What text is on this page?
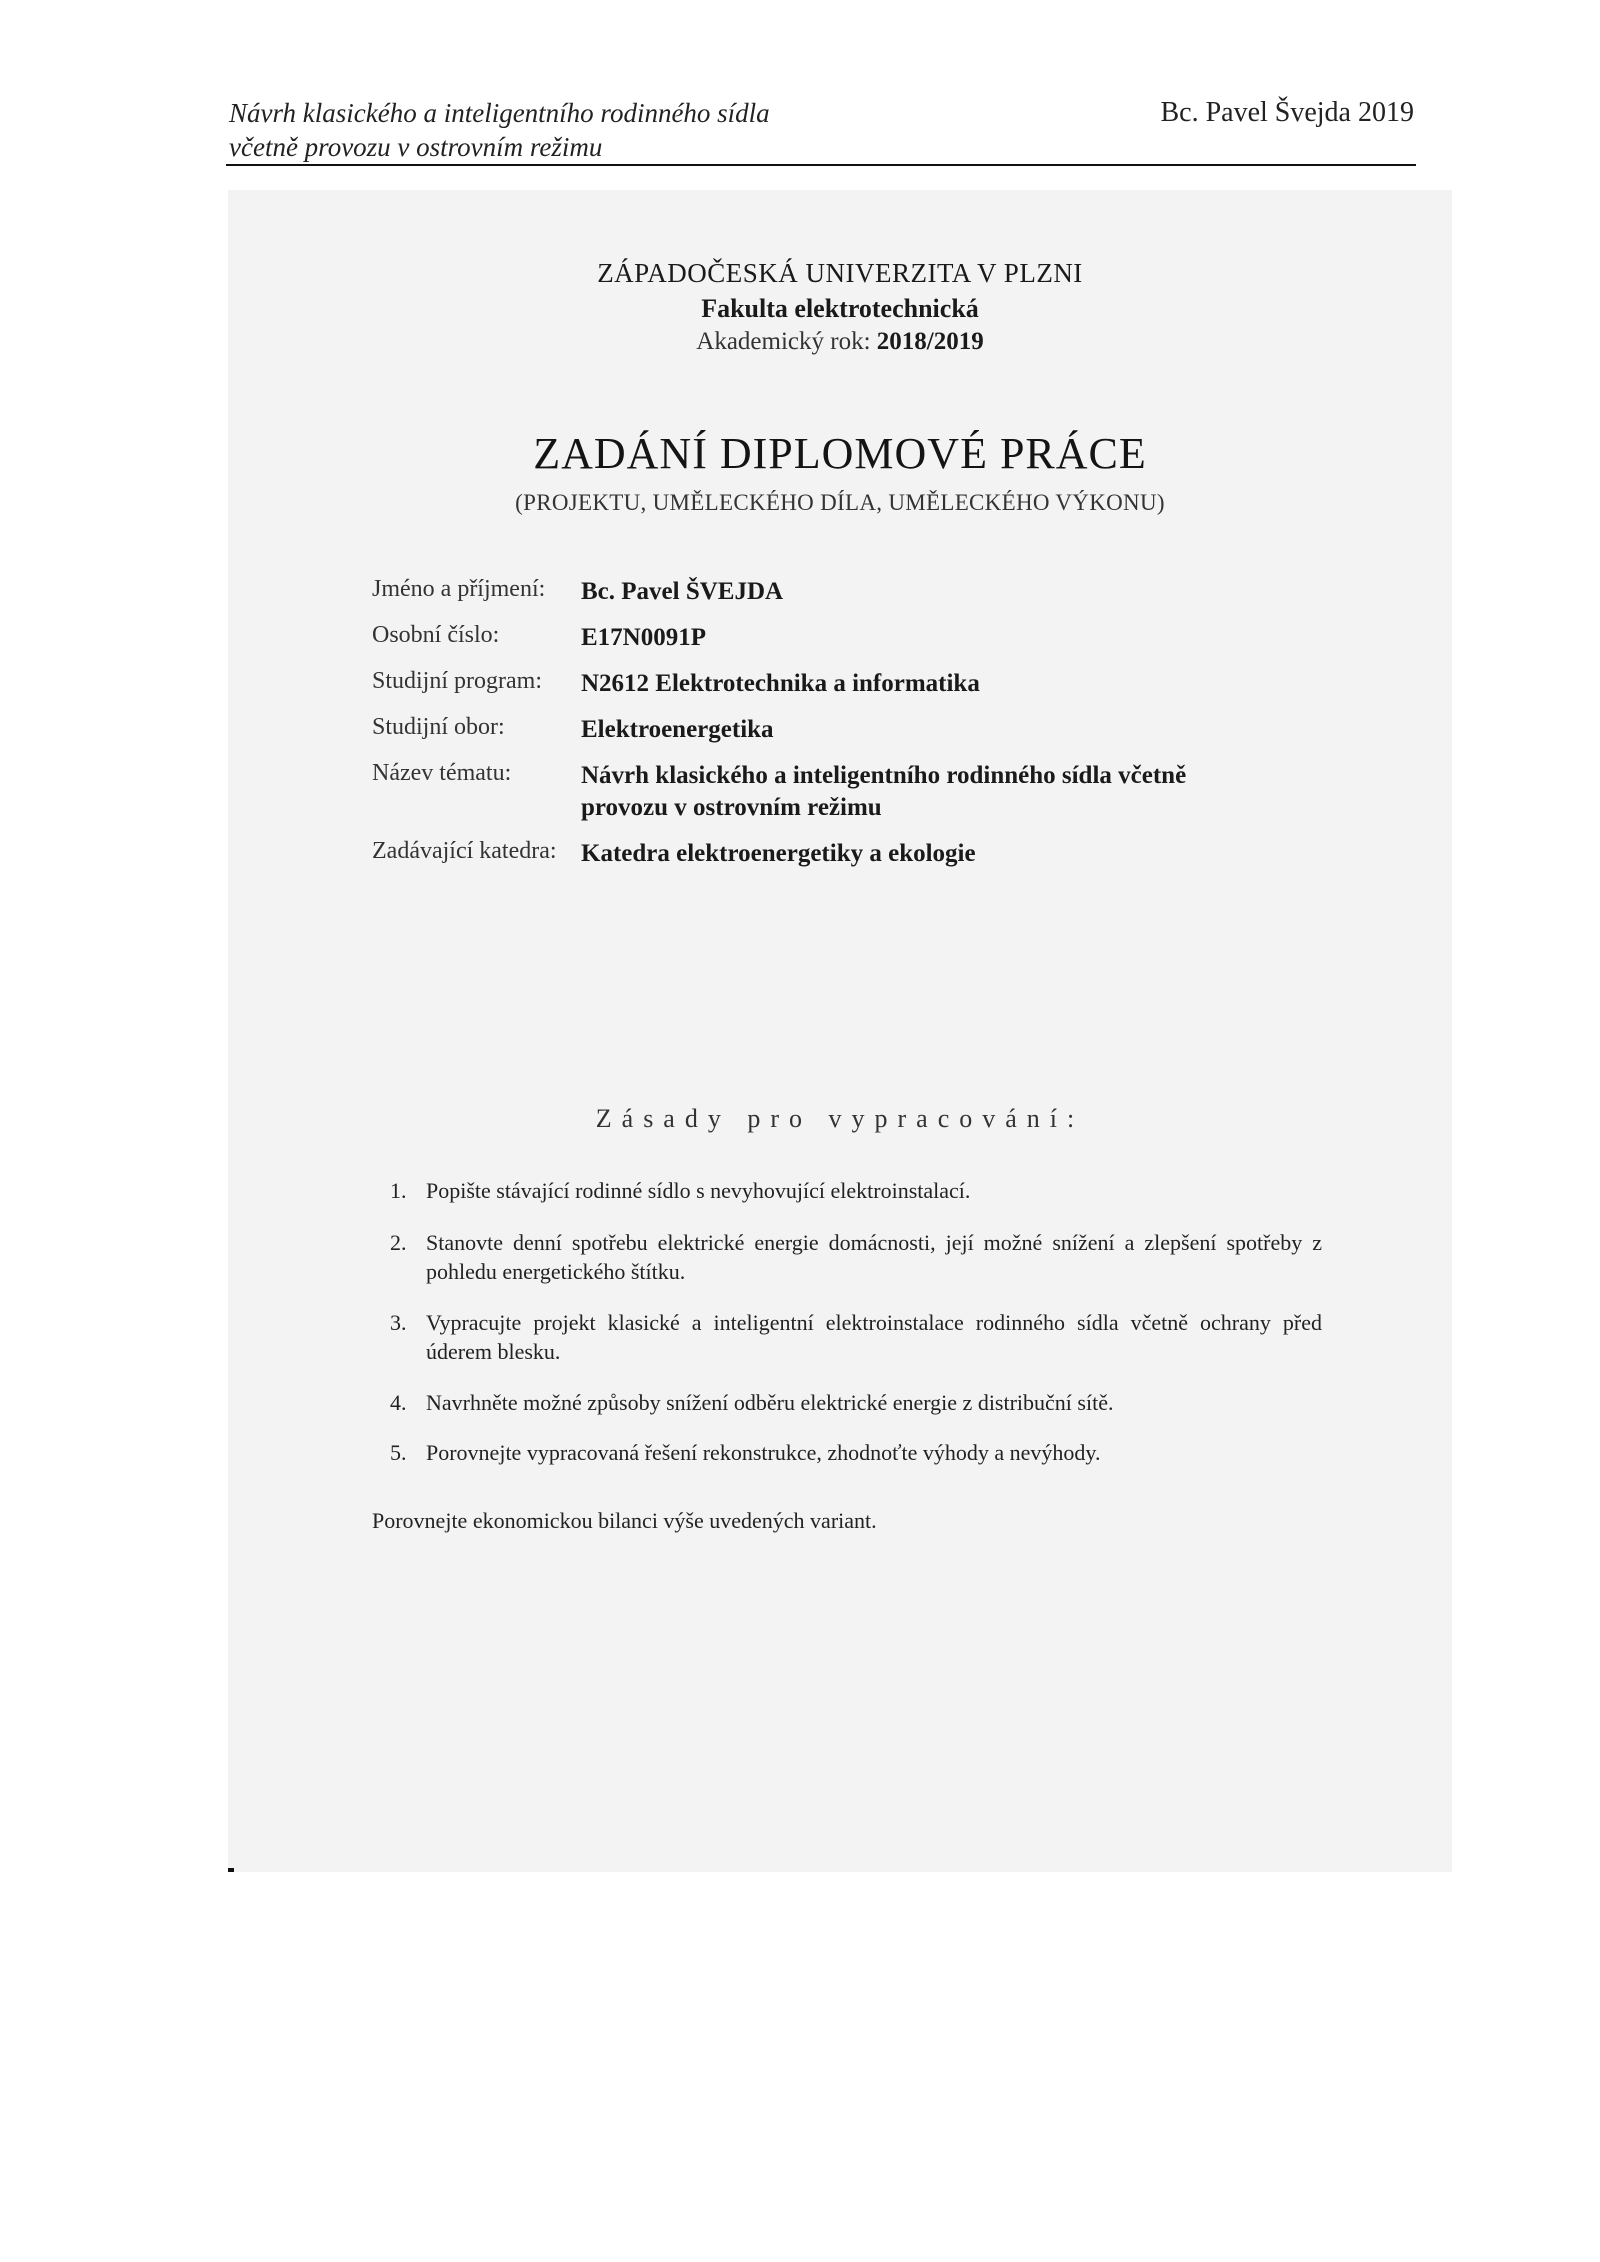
Návrh klasického a inteligentního rodinného sídla
včetně provozu v ostrovním režimu
Bc. Pavel Švejda 2019
ZÁPADOČESKÁ UNIVERZITA V PLZNI
Fakulta elektrotechnická
Akademický rok: 2018/2019
ZADÁNÍ DIPLOMOVÉ PRÁCE
(PROJEKTU, UMĚLECKÉHO DÍLA, UMĚLECKÉHO VÝKONU)
Jméno a příjmení:	Bc. Pavel ŠVEJDA
Osobní číslo:	E17N0091P
Studijní program:	N2612 Elektrotechnika a informatika
Studijní obor:	Elektroenergetika
Název tématu:	Návrh klasického a inteligentního rodinného sídla včetně
provozu v ostrovním režimu
Zadávající katedra: Katedra elektroenergetiky a ekologie
Zásady pro vypracování:
1. Popište stávající rodinné sídlo s nevyhovující elektroinstalací.
2. Stanovte denní spotřebu elektrické energie domácnosti, její možné snížení a zlepšení spotřeby z pohledu energetického štítku.
3. Vypracujte projekt klasické a inteligentní elektroinstalace rodinného sídla včetně ochrany před úderem blesku.
4. Navrhněte možné způsoby snížení odběru elektrické energie z distribuční sítě.
5. Porovnejte vypracovaná řešení rekonstrukce, zhodnoťte výhody a nevýhody.
Porovnejte ekonomickou bilanci výše uvedených variant.
